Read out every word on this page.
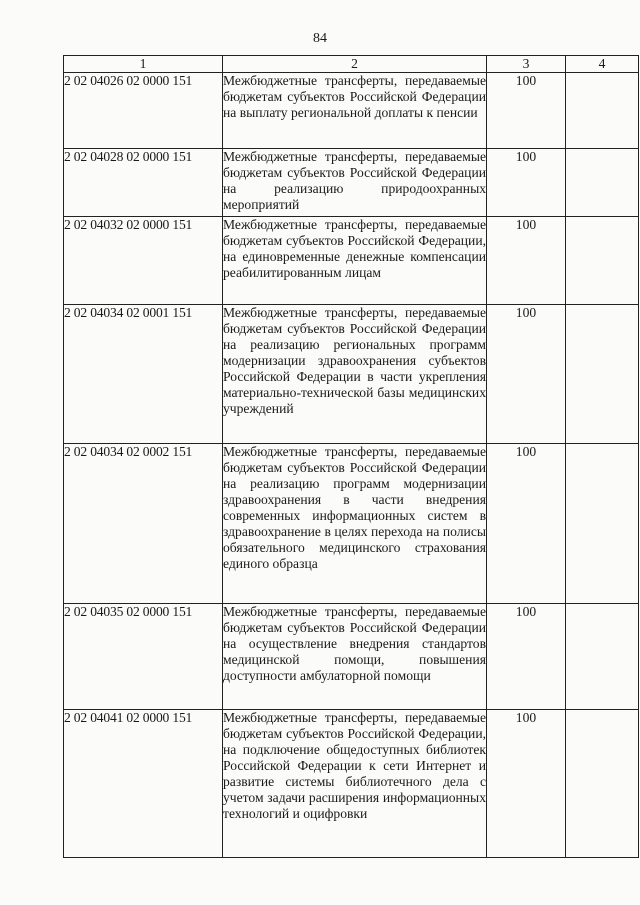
84
1	2	3	4
2 02 04026 02 0000 151	Межбюджетные трансферты, передаваемые бюджетам субъектов Российской Федерации на выплату региональной доплаты к пенсии	100	
2 02 04028 02 0000 151	Межбюджетные трансферты, передаваемые бюджетам субъектов Российской Федерации на реализацию природоохранных мероприятий	100	
2 02 04032 02 0000 151	Межбюджетные трансферты, передаваемые бюджетам субъектов Российской Федерации, на единовременные денежные компенсации реабилитированным лицам	100	
2 02 04034 02 0001 151	Межбюджетные трансферты, передаваемые бюджетам субъектов Российской Федерации на реализацию региональных программ модернизации здравоохранения субъектов Российской Федерации в части укрепления материально-технической базы медицинских учреждений	100	
2 02 04034 02 0002 151	Межбюджетные трансферты, передаваемые бюджетам субъектов Российской Федерации на реализацию программ модернизации здравоохранения в части внедрения современных информационных систем в здравоохранение в целях перехода на полисы обязательного медицинского страхования единого образца	100	
2 02 04035 02 0000 151	Межбюджетные трансферты, передаваемые бюджетам субъектов Российской Федерации на осуществление внедрения стандартов медицинской помощи, повышения доступности амбулаторной помощи	100	
2 02 04041 02 0000 151	Межбюджетные трансферты, передаваемые бюджетам субъектов Российской Федерации, на подключение общедоступных библиотек Российской Федерации к сети Интернет и развитие системы библиотечного дела с учетом задачи расширения информационных технологий и оцифровки	100	
